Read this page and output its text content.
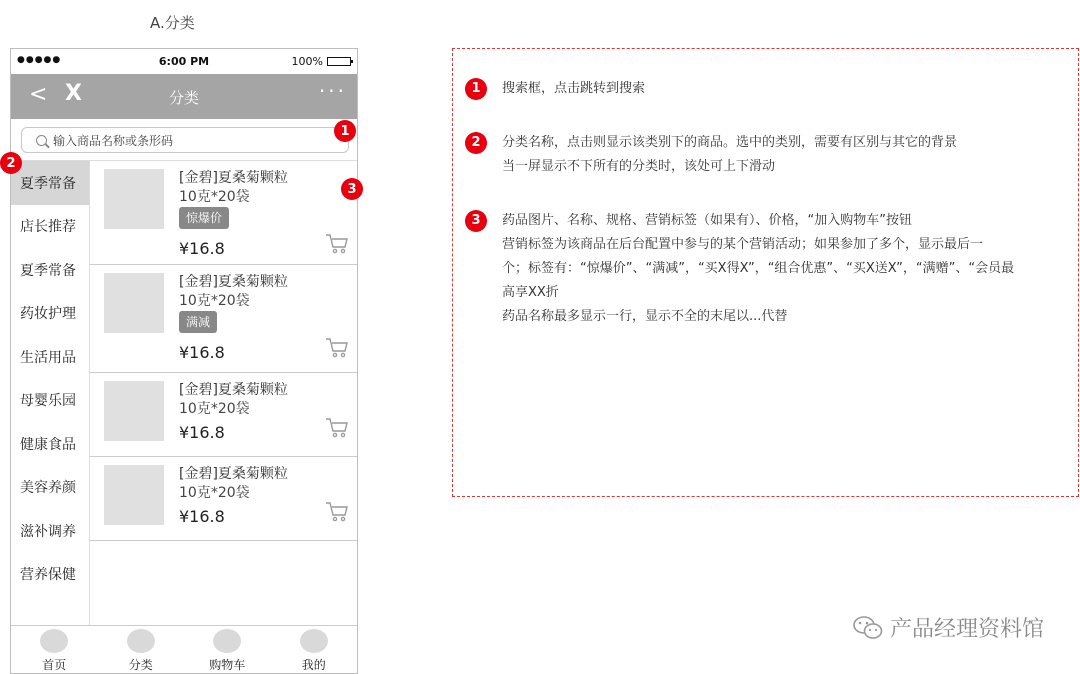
A.分类
●●●●●	6:00 PM	100%
< X	分类	···
输入商品名称或条形码
夏季常备
店长推荐
夏季常备
药妆护理
生活用品
母婴乐园
健康食品
美容养颜
滋补调养
营养保健
[金碧]夏桑菊颗粒
10克*20袋
惊爆价
¥16.8
[金碧]夏桑菊颗粒
10克*20袋
满减
¥16.8
[金碧]夏桑菊颗粒
10克*20袋
¥16.8
[金碧]夏桑菊颗粒
10克*20袋
¥16.8
首页	分类	购物车	我的
1
2
3
1	搜索框，点击跳转到搜索
2	分类名称，点击则显示该类别下的商品。选中的类别，需要有区别与其它的背景
当一屏显示不下所有的分类时，该处可上下滑动
3	药品图片、名称、规格、营销标签（如果有）、价格，“加入购物车”按钮
营销标签为该商品在后台配置中参与的某个营销活动；如果参加了多个，显示最后一
个；标签有：“惊爆价”、“满减”，“买X得X”，“组合优惠”、“买X送X”，“满赠”、“会员最
高享XX折
药品名称最多显示一行，显示不全的末尾以...代替
产品经理资料馆
